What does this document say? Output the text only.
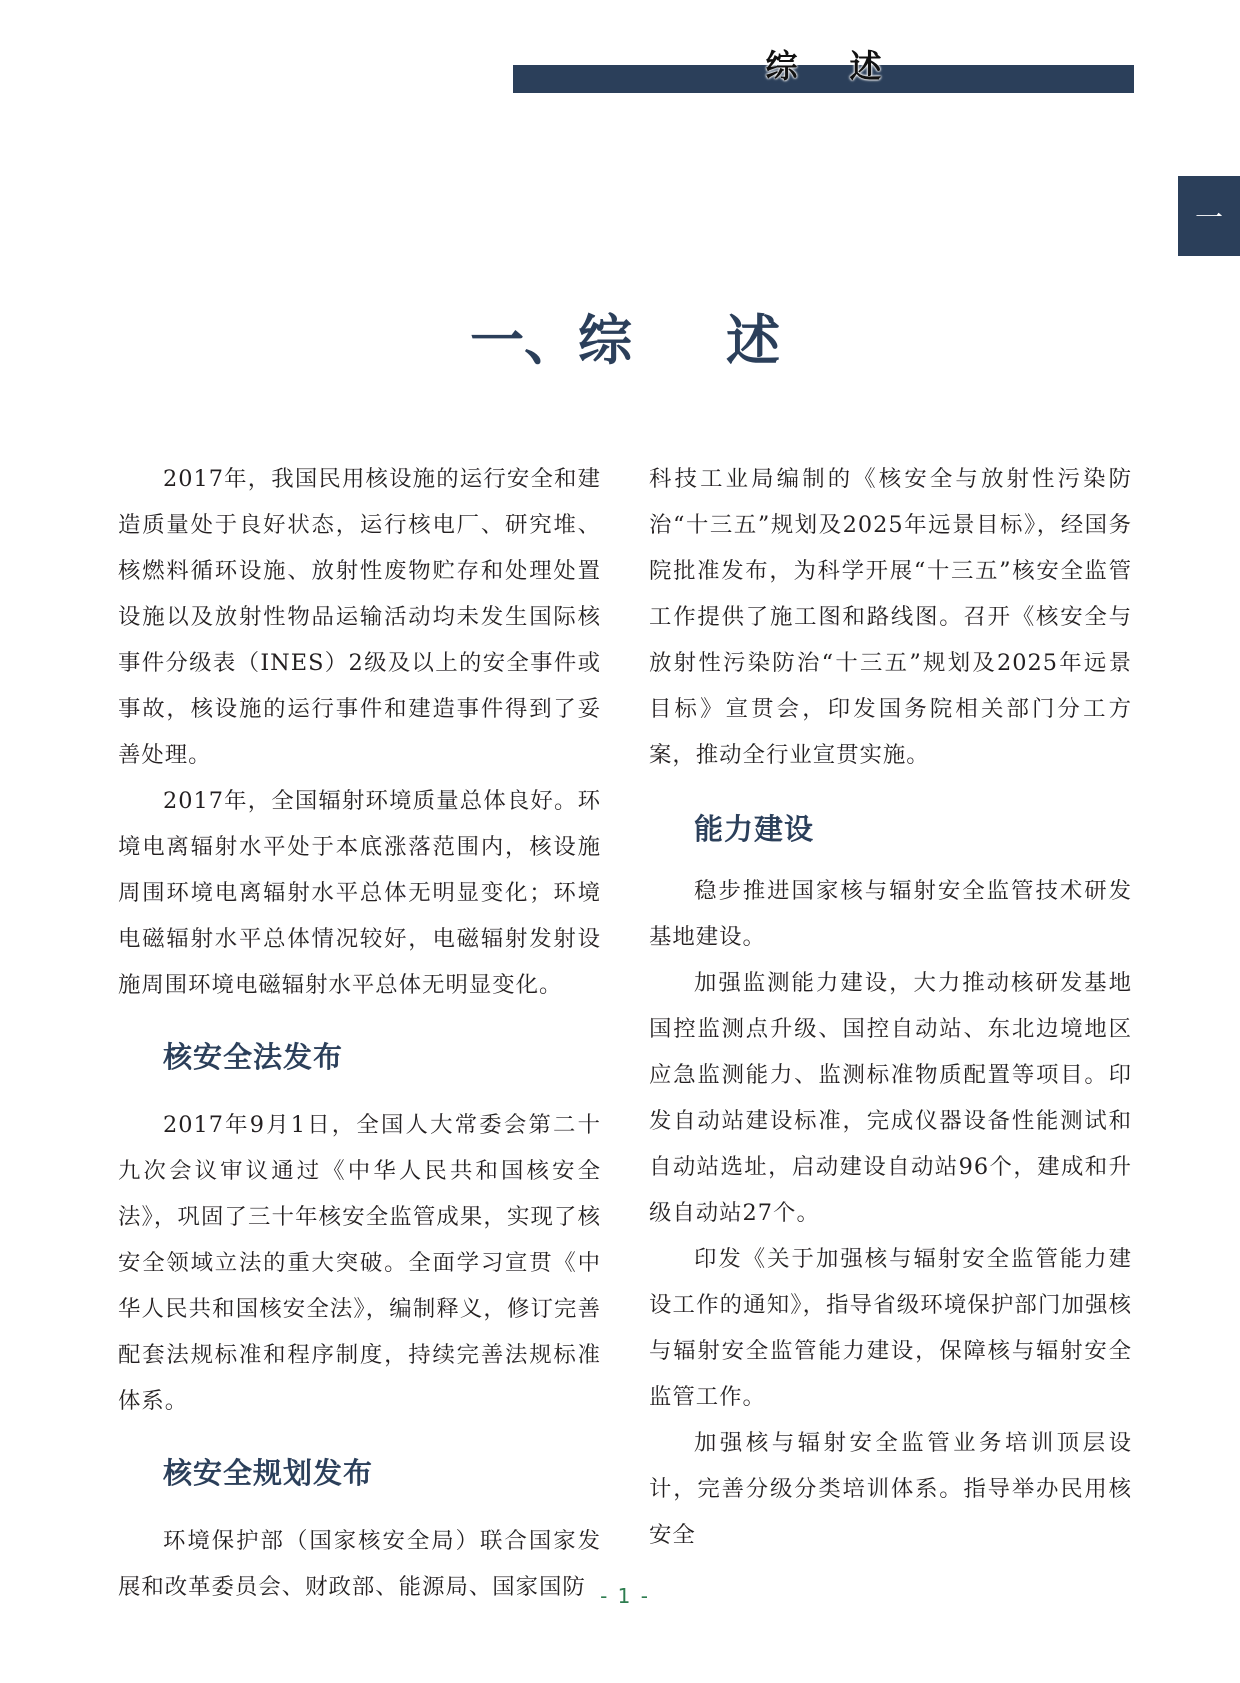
综述
一
一、综 述

2017年，我国民用核设施的运行安全和建造质量处于良好状态，运行核电厂、研究堆、核燃料循环设施、放射性废物贮存和处理处置设施以及放射性物品运输活动均未发生国际核事件分级表（INES）2级及以上的安全事件或事故，核设施的运行事件和建造事件得到了妥善处理。

2017年，全国辐射环境质量总体良好。环境电离辐射水平处于本底涨落范围内，核设施周围环境电离辐射水平总体无明显变化；环境电磁辐射水平总体情况较好，电磁辐射发射设施周围环境电磁辐射水平总体无明显变化。

核安全法发布

2017年9月1日，全国人大常委会第二十九次会议审议通过《中华人民共和国核安全法》，巩固了三十年核安全监管成果，实现了核安全领域立法的重大突破。全面学习宣贯《中华人民共和国核安全法》，编制释义，修订完善配套法规标准和程序制度，持续完善法规标准体系。

核安全规划发布

环境保护部（国家核安全局）联合国家发展和改革委员会、财政部、能源局、国家国防

科技工业局编制的《核安全与放射性污染防治“十三五”规划及2025年远景目标》，经国务院批准发布，为科学开展“十三五”核安全监管工作提供了施工图和路线图。召开《核安全与放射性污染防治“十三五”规划及2025年远景目标》宣贯会，印发国务院相关部门分工方案，推动全行业宣贯实施。

能力建设

稳步推进国家核与辐射安全监管技术研发基地建设。

加强监测能力建设，大力推动核研发基地国控监测点升级、国控自动站、东北边境地区应急监测能力、监测标准物质配置等项目。印发自动站建设标准，完成仪器设备性能测试和自动站选址，启动建设自动站96个，建成和升级自动站27个。

印发《关于加强核与辐射安全监管能力建设工作的通知》，指导省级环境保护部门加强核与辐射安全监管能力建设，保障核与辐射安全监管工作。

加强核与辐射安全监管业务培训顶层设计，完善分级分类培训体系。指导举办民用核安全

- 1 -
